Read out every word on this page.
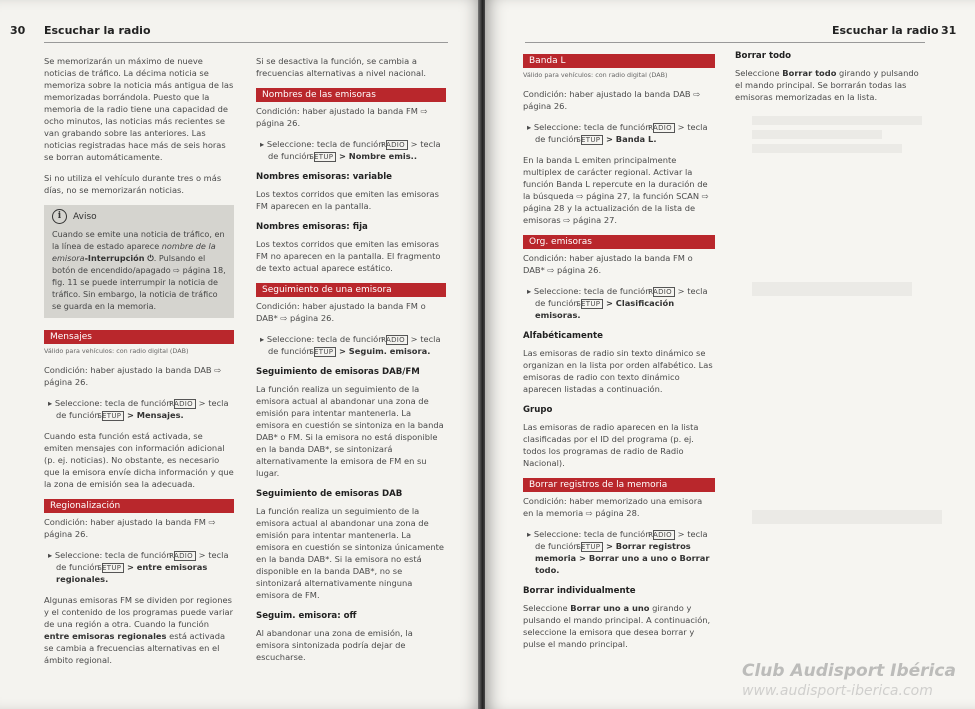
30 Escuchar la radio

Se memorizarán un máximo de nueve noticias de tráfico. La décima noticia se memoriza sobre la noticia más antigua de las memorizadas borrándola. Puesto que la memoria de la radio tiene una capacidad de ocho minutos, las noticias más recientes se van grabando sobre las anteriores. Las noticias registradas hace más de seis horas se borran automáticamente.

Si no utiliza el vehículo durante tres o más días, no se memorizarán noticias.

i	Aviso
Cuando se emite una noticia de tráfico, en la línea de estado aparece nombre de la emisora-Interrupción ⏻. Pulsando el botón de encendido/apagado ⇨ página 18, fig. 11 se puede interrumpir la noticia de tráfico. Sin embargo, la noticia de tráfico se guarda en la memoria.
Mensajes
Válido para vehículos: con radio digital (DAB)

Condición: haber ajustado la banda DAB ⇨ página 26.

▸ Seleccione: tecla de función RADIO > tecla de función SETUP > Mensajes.

Cuando esta función está activada, se emiten mensajes con información adicional (p. ej. noticias). No obstante, es necesario que la emisora envíe dicha información y que la zona de emisión sea la adecuada.

Regionalización

Condición: haber ajustado la banda FM ⇨ página 26.

▸ Seleccione: tecla de función RADIO > tecla de función SETUP > entre emisoras regionales.

Algunas emisoras FM se dividen por regiones y el contenido de los programas puede variar de una región a otra. Cuando la función entre emisoras regionales está activada se cambia a frecuencias alternativas en el ámbito regional.

Si se desactiva la función, se cambia a frecuencias alternativas a nivel nacional.

Nombres de las emisoras

Condición: haber ajustado la banda FM ⇨ página 26.

▸ Seleccione: tecla de función RADIO > tecla de función SETUP > Nombre emis..

Nombres emisoras: variable

Los textos corridos que emiten las emisoras FM aparecen en la pantalla.

Nombres emisoras: fija

Los textos corridos que emiten las emisoras FM no aparecen en la pantalla. El fragmento de texto actual aparece estático.

Seguimiento de una emisora

Condición: haber ajustado la banda FM o DAB* ⇨ página 26.

▸ Seleccione: tecla de función RADIO > tecla de función SETUP > Seguim. emisora.

Seguimiento de emisoras DAB/FM

La función realiza un seguimiento de la emisora actual al abandonar una zona de emisión para intentar mantenerla. La emisora en cuestión se sintoniza en la banda DAB* o FM. Si la emisora no está disponible en la banda DAB*, se sintonizará alternativamente la emisora de FM en su lugar.

Seguimiento de emisoras DAB

La función realiza un seguimiento de la emisora actual al abandonar una zona de emisión para intentar mantenerla. La emisora en cuestión se sintoniza únicamente en la banda DAB*. Si la emisora no está disponible en la banda DAB*, no se sintonizará alternativamente ninguna emisora de FM.

Seguim. emisora: off

Al abandonar una zona de emisión, la emisora sintonizada podría dejar de escucharse.

Escuchar la radio 31
Banda L
Válido para vehículos: con radio digital (DAB)

Condición: haber ajustado la banda DAB ⇨ página 26.

▸ Seleccione: tecla de función RADIO > tecla de función SETUP > Banda L.

En la banda L emiten principalmente multiplex de carácter regional. Activar la función Banda L repercute en la duración de la búsqueda ⇨ página 27, la función SCAN ⇨ página 28 y la actualización de la lista de emisoras ⇨ página 27.

Org. emisoras

Condición: haber ajustado la banda FM o DAB* ⇨ página 26.

▸ Seleccione: tecla de función RADIO > tecla de función SETUP > Clasificación emisoras.

Alfabéticamente

Las emisoras de radio sin texto dinámico se organizan en la lista por orden alfabético. Las emisoras de radio con texto dinámico aparecen listadas a continuación.

Grupo

Las emisoras de radio aparecen en la lista clasificadas por el ID del programa (p. ej. todos los programas de radio de Radio Nacional).

Borrar registros de la memoria

Condición: haber memorizado una emisora en la memoria ⇨ página 28.

▸ Seleccione: tecla de función RADIO > tecla de función SETUP > Borrar registros memoria > Borrar uno a uno o Borrar todo.

Borrar individualmente

Seleccione Borrar uno a uno girando y pulsando el mando principal. A continuación, seleccione la emisora que desea borrar y pulse el mando principal.

Borrar todo

Seleccione Borrar todo girando y pulsando el mando principal. Se borrarán todas las emisoras memorizadas en la lista.

Club Audisport Ibérica
www.audisport-iberica.com
